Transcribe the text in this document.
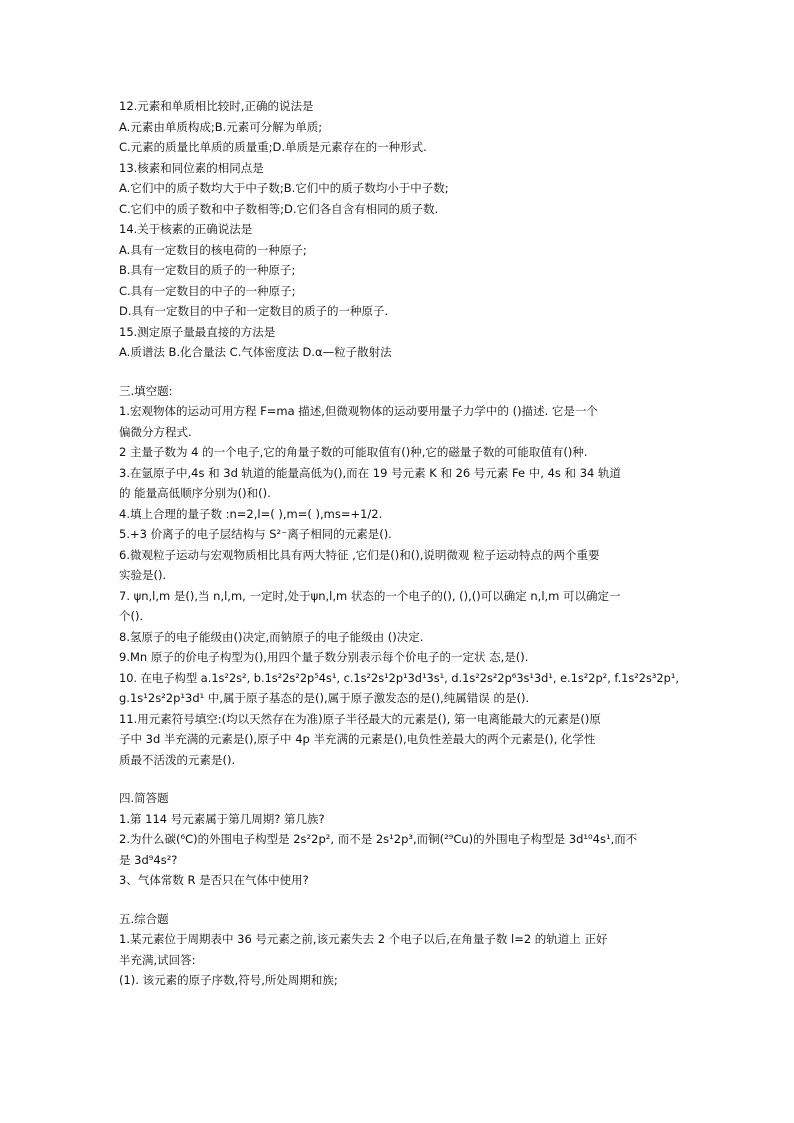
12.元素和单质相比较时,正确的说法是
A.元素由单质构成;B.元素可分解为单质;
C.元素的质量比单质的质量重;D.单质是元素存在的一种形式.
13.核素和同位素的相同点是
A.它们中的质子数均大于中子数;B.它们中的质子数均小于中子数;
C.它们中的质子数和中子数相等;D.它们各自含有相同的质子数.
14.关于核素的正确说法是
A.具有一定数目的核电荷的一种原子;
B.具有一定数目的质子的一种原子;
C.具有一定数目的中子的一种原子;
D.具有一定数目的中子和一定数目的质子的一种原子.
15.测定原子量最直接的方法是
A.质谱法 B.化合量法 C.气体密度法 D.α—粒子散射法
三.填空题:
1.宏观物体的运动可用方程 F=ma 描述,但微观物体的运动要用量子力学中的 ()描述. 它是一个
偏微分方程式.
2 主量子数为 4 的一个电子,它的角量子数的可能取值有()种,它的磁量子数的可能取值有()种.
3.在氩原子中,4s 和 3d 轨道的能量高低为(),而在 19 号元素 K 和 26 号元素 Fe 中, 4s 和 34 轨道
的 能量高低顺序分别为()和().
4.填上合理的量子数 :n=2,l=( ),m=( ),ms=+1/2.
5.+3 价离子的电子层结构与 S²⁻离子相同的元素是().
6.微观粒子运动与宏观物质相比具有两大特征 ,它们是()和(),说明微观 粒子运动特点的两个重要
实验是().
7. ψn,l,m 是(),当 n,l,m, 一定时,处于ψn,l,m 状态的一个电子的(), (),()可以确定 n,l,m 可以确定一
个().
8.氢原子的电子能级由()决定,而钠原子的电子能级由 ()决定.
9.Mn 原子的价电子构型为(),用四个量子数分别表示每个价电子的一定状 态,是().
10. 在电子构型 a.1s²2s², b.1s²2s²2p⁵4s¹, c.1s²2s¹2p¹3d¹3s¹, d.1s²2s²2p⁶3s¹3d¹, e.1s²2p², f.1s²2s³2p¹,
g.1s¹2s²2p¹3d¹ 中,属于原子基态的是(),属于原子激发态的是(),纯属错误 的是().
11.用元素符号填空:(均以天然存在为准)原子半径最大的元素是(), 第一电离能最大的元素是()原
子中 3d 半充满的元素是(),原子中 4p 半充满的元素是(),电负性差最大的两个元素是(), 化学性
质最不活泼的元素是().
四.简答题
1.第 114 号元素属于第几周期? 第几族?
2.为什么碳(⁶C)的外围电子构型是 2s²2p², 而不是 2s¹2p³,而铜(²⁹Cu)的外围电子构型是 3d¹⁰4s¹,而不
是 3d⁹4s²?
3、气体常数 R 是否只在气体中使用?
五.综合题
1.某元素位于周期表中 36 号元素之前,该元素失去 2 个电子以后,在角量子数 l=2 的轨道上 正好
半充满,试回答:
(1). 该元素的原子序数,符号,所处周期和族;
